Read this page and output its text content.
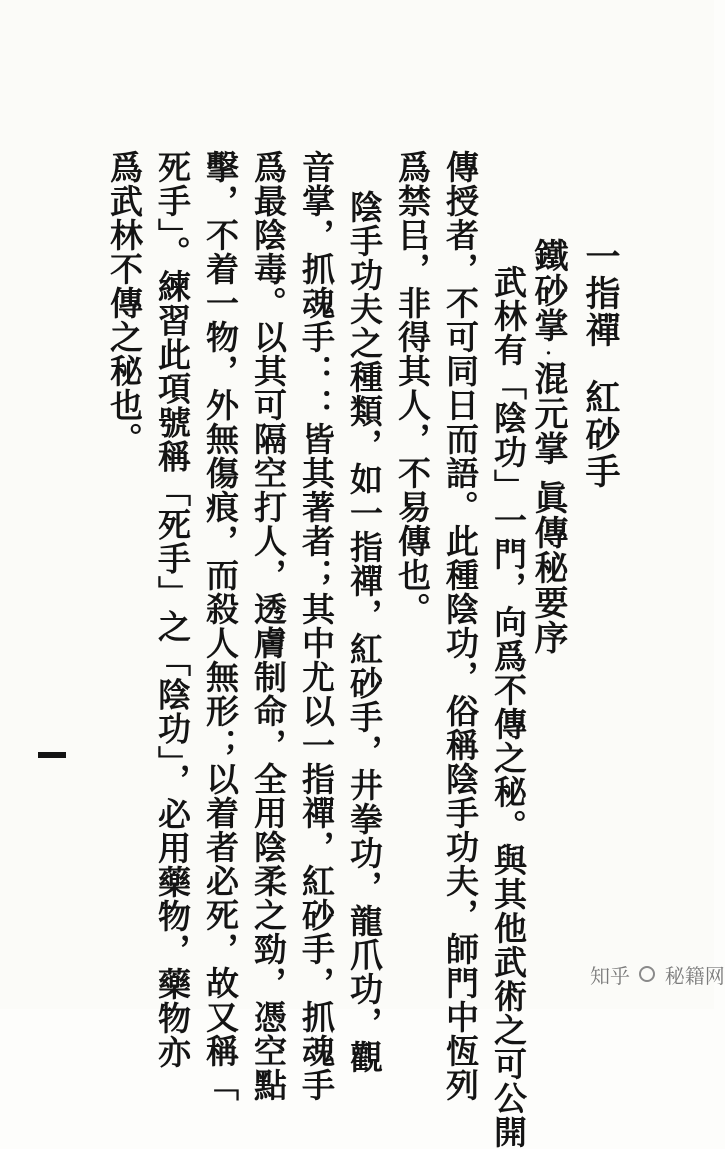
一指禪紅砂手
鐵砂掌·混元掌眞傳秘要序
武林有「陰功」一門，向爲不傳之秘。與其他武術之可公開
傳授者，不可同日而語。此種陰功，俗稱陰手功夫，師門中恆列
爲禁㠯，非得其人，不易傳也。
陰手功夫之種類，如一指禪，紅砂手，井拳功，龍爪功，觀
音掌，抓魂手：：皆其著者；其中尤以一指禪，紅砂手，抓魂手
爲最陰毒。以其可隔空打人，透膚制命，全用陰柔之勁，憑空點
擊，不着一物，外無傷痕，而殺人無形；以着者必死，故又稱「
死手」。練習此項號稱「死手」之「陰功」，必用藥物，藥物亦
爲武林不傳之秘也。
知乎 秘籍网
